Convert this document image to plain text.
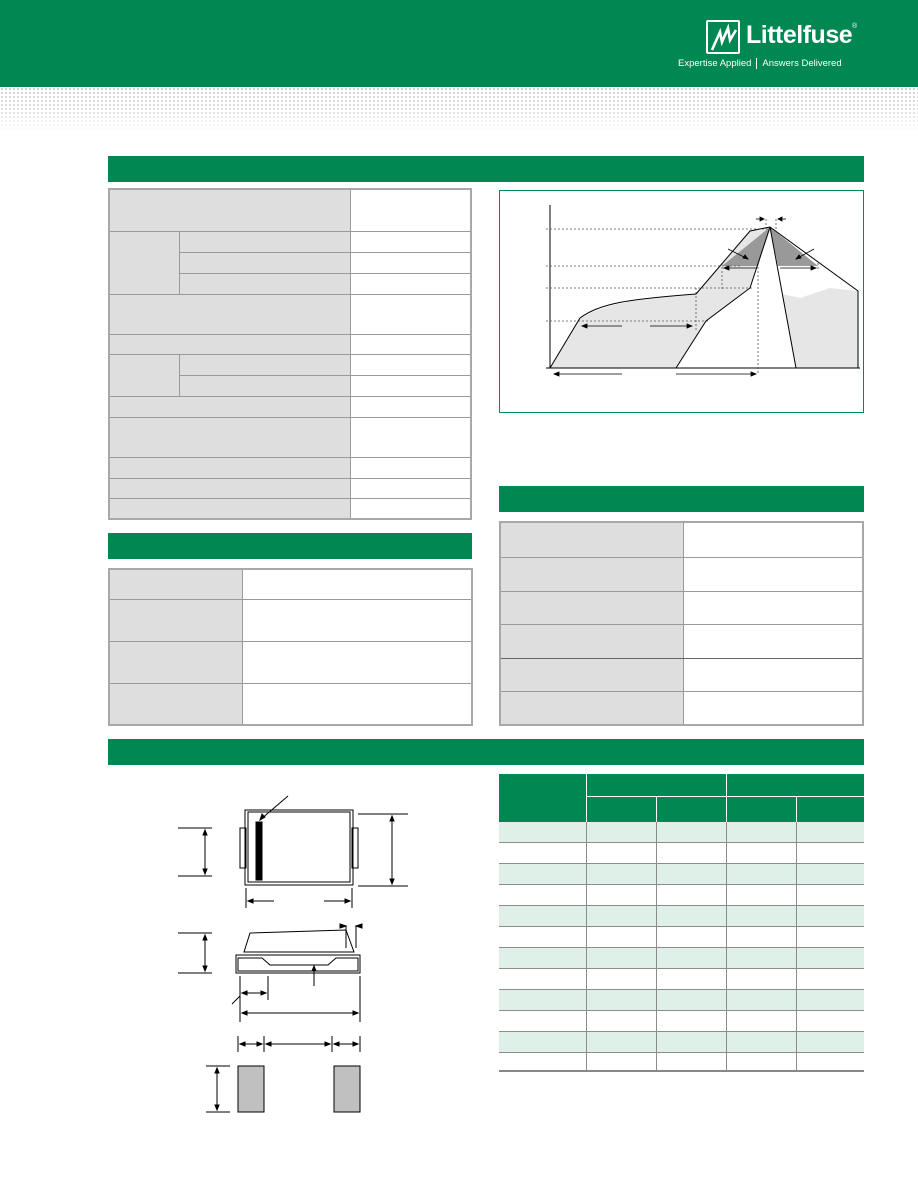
Littelfuse ®
Expertise Applied Answers Delivered
